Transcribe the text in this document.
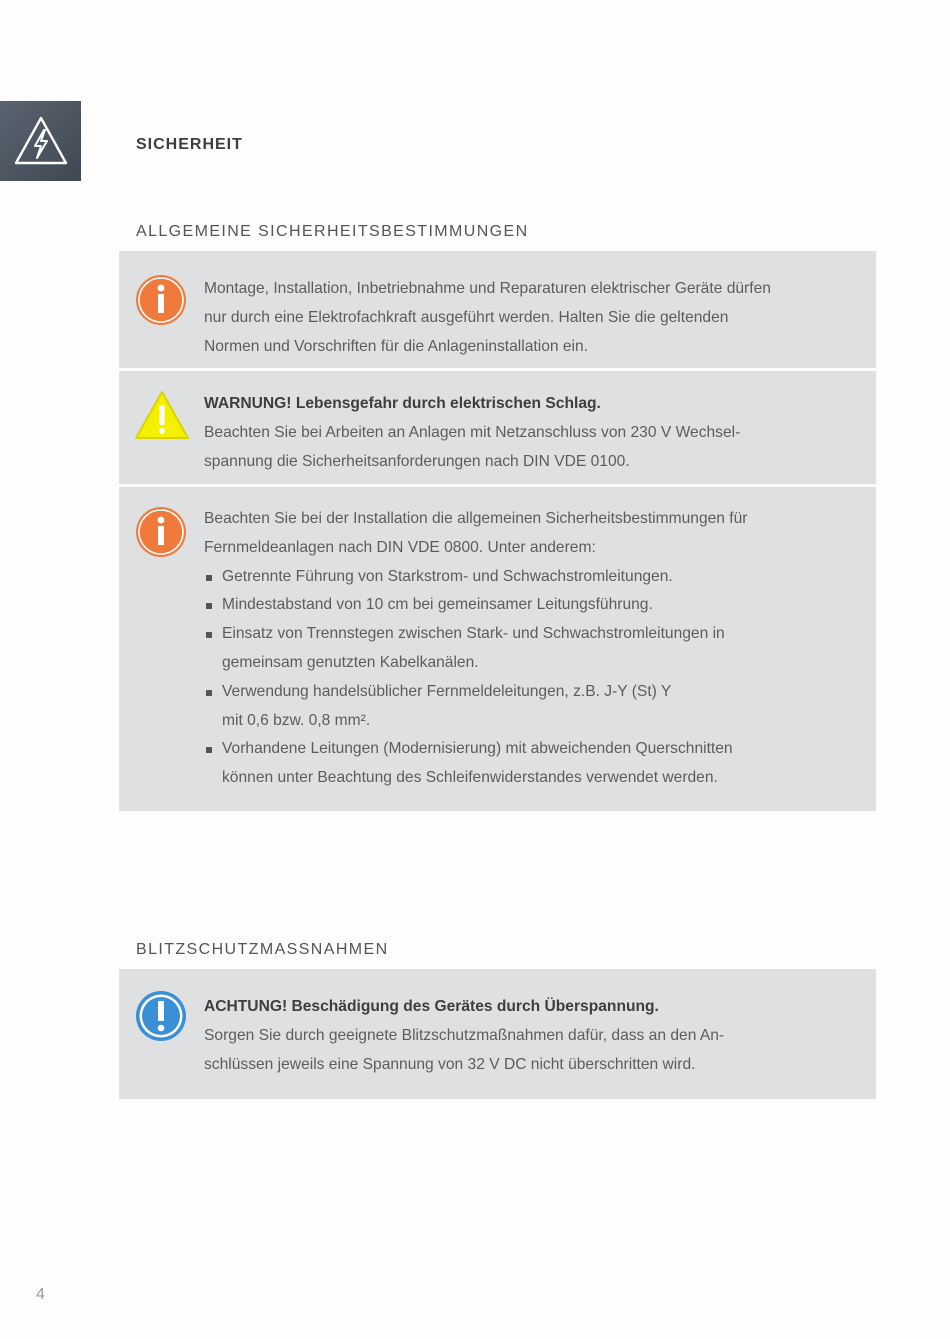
SICHERHEIT
ALLGEMEINE SICHERHEITSBESTIMMUNGEN

Montage, Installation, Inbetriebnahme und Reparaturen elektrischer Geräte dürfen

nur durch eine Elektrofachkraft ausgeführt werden. Halten Sie die geltenden

Normen und Vorschriften für die Anlageninstallation ein.

WARNUNG! Lebensgefahr durch elektrischen Schlag.

Beachten Sie bei Arbeiten an Anlagen mit Netzanschluss von 230 V Wechsel-

spannung die Sicherheitsanforderungen nach DIN VDE 0100.

Beachten Sie bei der Installation die allgemeinen Sicherheitsbestimmungen für

Fernmeldeanlagen nach DIN VDE 0800. Unter anderem:

Getrennte Führung von Starkstrom- und Schwachstromleitungen.
Mindestabstand von 10 cm bei gemeinsamer Leitungsführung.
Einsatz von Trennstegen zwischen Stark- und Schwachstromleitungen in
gemeinsam genutzten Kabelkanälen.
Verwendung handelsüblicher Fernmeldeleitungen, z.B. J-Y (St) Y
mit 0,6 bzw. 0,8 mm².
Vorhandene Leitungen (Modernisierung) mit abweichenden Querschnitten
können unter Beachtung des Schleifenwiderstandes verwendet werden.
BLITZSCHUTZMASSNAHMEN

ACHTUNG! Beschädigung des Gerätes durch Überspannung.

Sorgen Sie durch geeignete Blitzschutzmaßnahmen dafür, dass an den An-

schlüssen jeweils eine Spannung von 32 V DC nicht überschritten wird.

4
